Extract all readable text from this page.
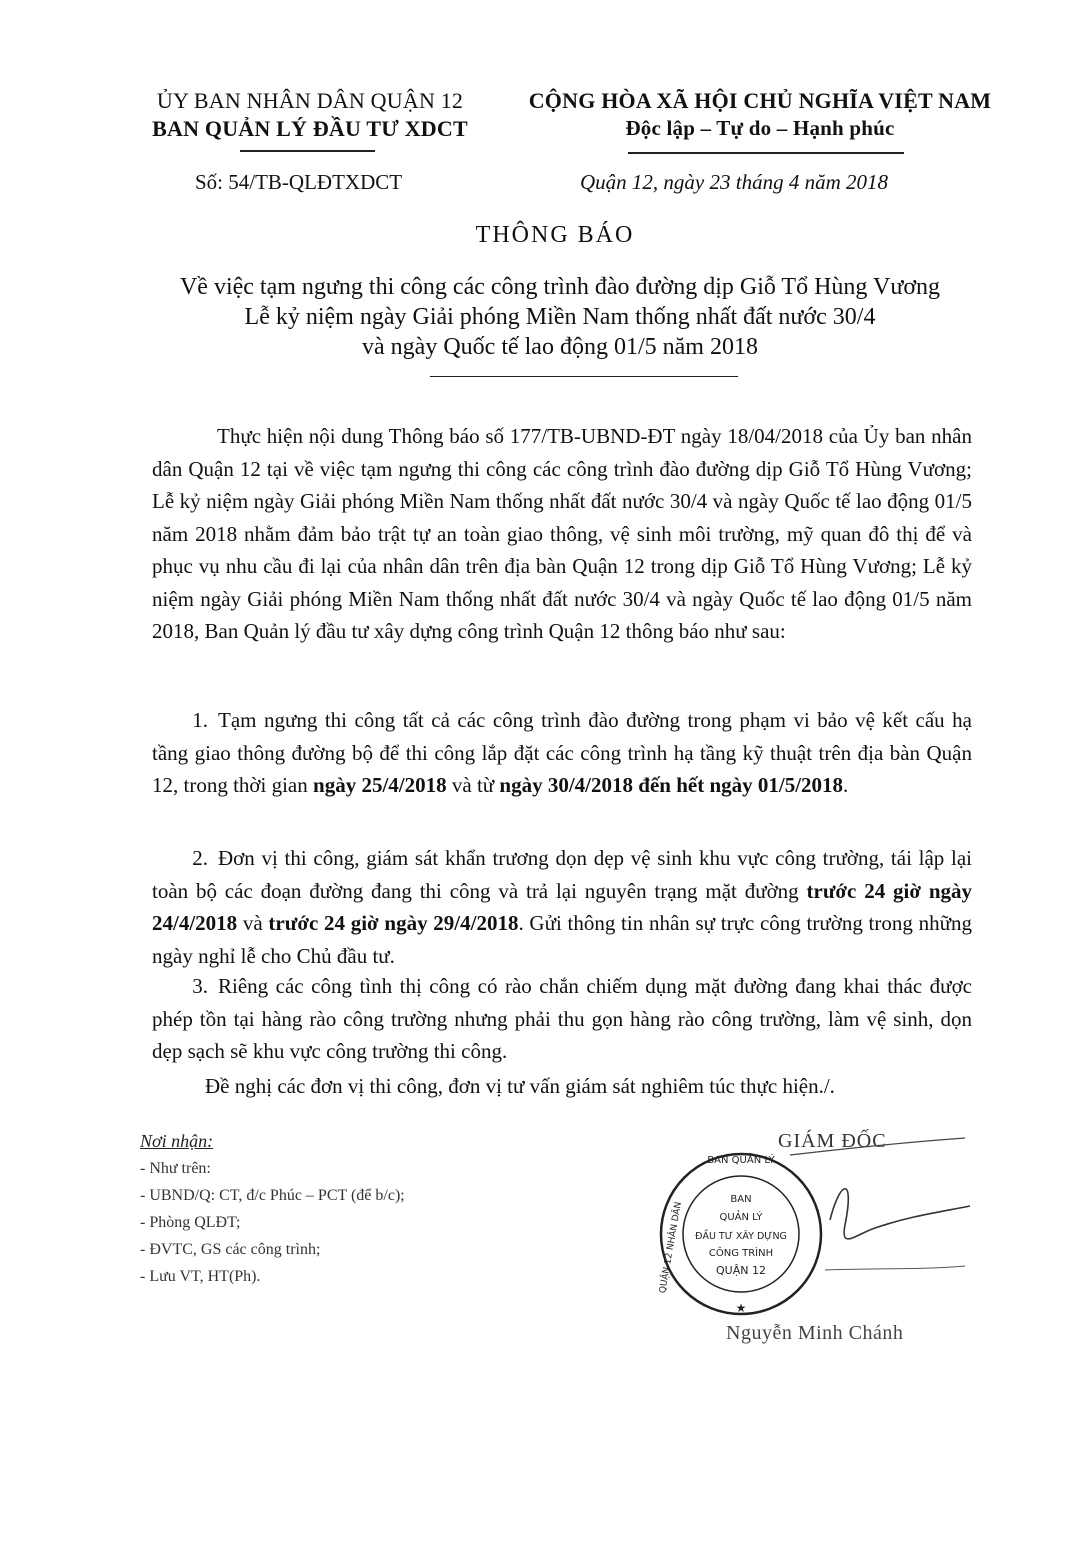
ỦY BAN NHÂN DÂN QUẬN 12
BAN QUẢN LÝ ĐẦU TƯ XDCT
CỘNG HÒA XÃ HỘI CHỦ NGHĨA VIỆT NAM
Độc lập – Tự do – Hạnh phúc
Số: 54/TB-QLĐTXDCT	Quận 12, ngày 23 tháng 4 năm 2018
THÔNG BÁO
Về việc tạm ngưng thi công các công trình đào đường dịp Giỗ Tổ Hùng Vương
Lễ kỷ niệm ngày Giải phóng Miền Nam thống nhất đất nước 30/4
và ngày Quốc tế lao động 01/5 năm 2018
Thực hiện nội dung Thông báo số 177/TB-UBND-ĐT ngày 18/04/2018 của Ủy ban nhân dân Quận 12 tại về việc tạm ngưng thi công các công trình đào đường dịp Giỗ Tổ Hùng Vương; Lễ kỷ niệm ngày Giải phóng Miền Nam thống nhất đất nước 30/4 và ngày Quốc tế lao động 01/5 năm 2018 nhằm đảm bảo trật tự an toàn giao thông, vệ sinh môi trường, mỹ quan đô thị để và phục vụ nhu cầu đi lại của nhân dân trên địa bàn Quận 12 trong dịp Giỗ Tổ Hùng Vương; Lễ kỷ niệm ngày Giải phóng Miền Nam thống nhất đất nước 30/4 và ngày Quốc tế lao động 01/5 năm 2018, Ban Quản lý đầu tư xây dựng công trình Quận 12 thông báo như sau:
1. Tạm ngưng thi công tất cả các công trình đào đường trong phạm vi bảo vệ kết cấu hạ tầng giao thông đường bộ để thi công lắp đặt các công trình hạ tầng kỹ thuật trên địa bàn Quận 12, trong thời gian ngày 25/4/2018 và từ ngày 30/4/2018 đến hết ngày 01/5/2018.
2. Đơn vị thi công, giám sát khẩn trương dọn dẹp vệ sinh khu vực công trường, tái lập lại toàn bộ các đoạn đường đang thi công và trả lại nguyên trạng mặt đường trước 24 giờ ngày 24/4/2018 và trước 24 giờ ngày 29/4/2018. Gửi thông tin nhân sự trực công trường trong những ngày nghỉ lễ cho Chủ đầu tư.
3. Riêng các công tình thị công có rào chắn chiếm dụng mặt đường đang khai thác được phép tồn tại hàng rào công trường nhưng phải thu gọn hàng rào công trường, làm vệ sinh, dọn dẹp sạch sẽ khu vực công trường thi công.
Đề nghị các đơn vị thi công, đơn vị tư vấn giám sát nghiêm túc thực hiện./.
Nơi nhận:
- Như trên:
- UBND/Q: CT, đ/c Phúc – PCT (để b/c);
- Phòng QLĐT;
- ĐVTC, GS các công trình;
- Lưu VT, HT(Ph).
GIÁM ĐỐC
BAN QUẢN LÝ
QUẬN 12 NHÂN DÂN
BAN
QUẢN LÝ
ĐẦU TƯ XÂY DỰNG
CÔNG TRÌNH
QUẬN 12
★
Nguyễn Minh Chánh
